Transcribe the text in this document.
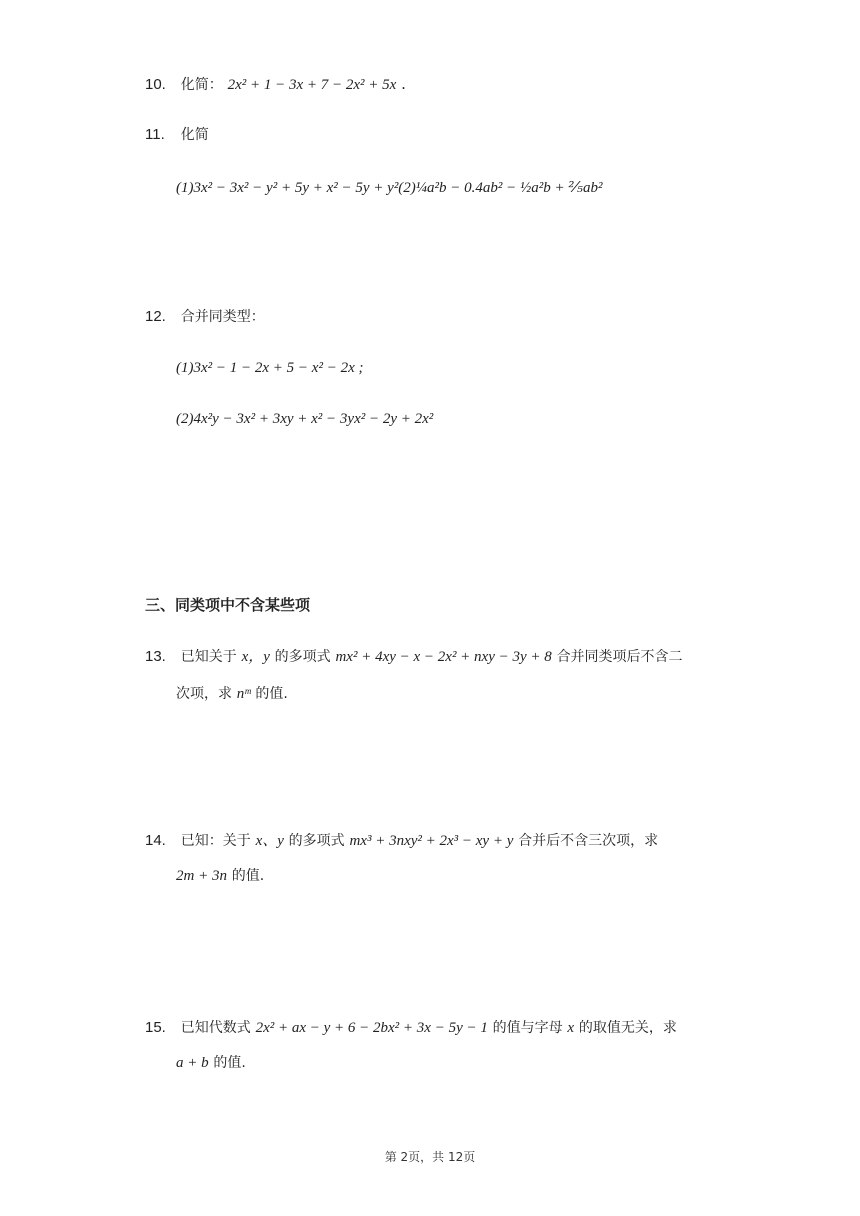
10. 化简： 2x² + 1 − 3x + 7 − 2x² + 5x .
11. 化简
(1)3x² − 3x² − y² + 5y + x² − 5y + y²(2)¼a²b − 0.4ab² − ½a²b + ⅖ab²
12. 合并同类型：
(1)3x² − 1 − 2x + 5 − x² − 2x ;
(2)4x²y − 3x² + 3xy + x² − 3yx² − 2y + 2x²
三、同类项中不含某些项
13. 已知关于 x，y 的多项式 mx² + 4xy − x − 2x² + nxy − 3y + 8 合并同类项后不含二
次项，求 nᵐ 的值.
14. 已知：关于 x、y 的多项式 mx³ + 3nxy² + 2x³ − xy + y 合并后不含三次项，求
2m + 3n 的值.
15. 已知代数式 2x² + ax − y + 6 − 2bx² + 3x − 5y − 1 的值与字母 x 的取值无关，求
a + b 的值.
第 2页，共 12页
